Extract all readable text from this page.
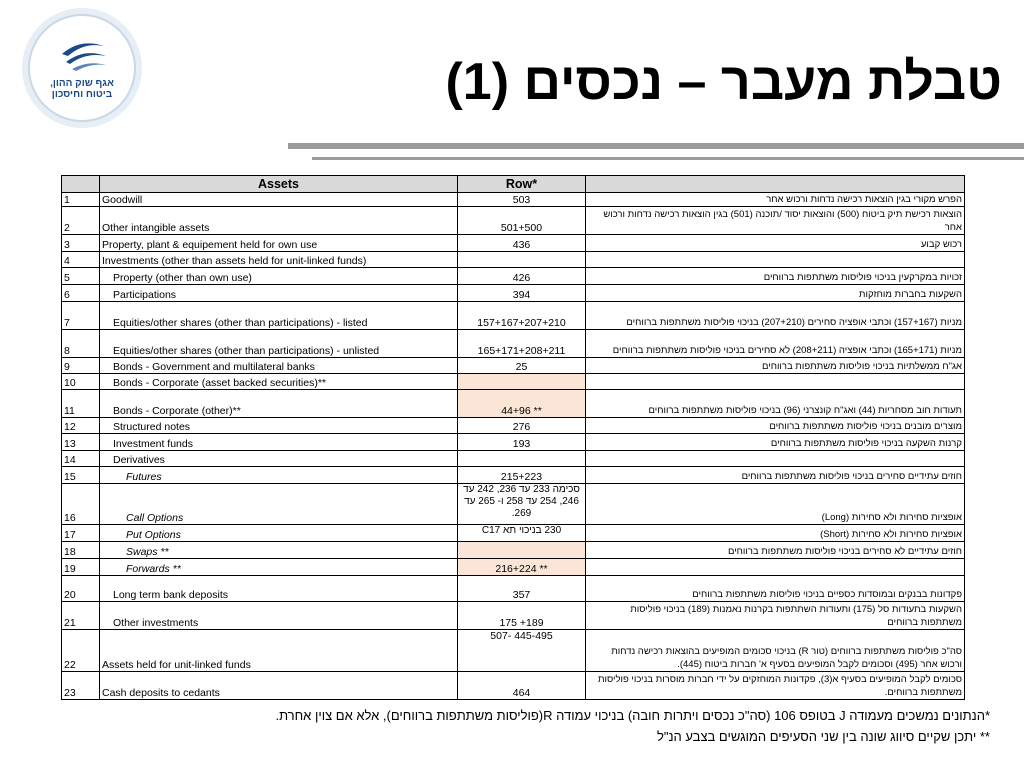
אגף שוק ההון,
ביטוח וחיסכון	טבלת מעבר – נכסים (1)
	Assets	Row*	
1	Goodwill	503	הפרש מקורי בגין הוצאות רכישה נדחות ורכוש אחר
2	Other intangible assets	501+500	הוצאות רכישת תיק ביטוח (500) והוצאות יסוד /תוכנה (501) בגין הוצאות רכישה נדחות ורכוש אחר
3	Property, plant & equipement held for own use	436	רכוש קבוע
4	Investments (other than assets held for unit-linked funds)		
5	Property (other than own use)	426	זכויות במקרקעין בניכוי פוליסות משתתפות ברווחים
6	Participations	394	השקעות בחברות מוחזקות
7	Equities/other shares (other than participations) - listed	157+167+207+210	מניות (157+167) וכתבי אופציה סחירים (207+210) בניכוי פוליסות משתתפות ברווחים
8	Equities/other shares (other than participations) - unlisted	165+171+208+211	מניות (165+171) וכתבי אופציה (208+211) לא סחירים בניכוי פוליסות משתתפות ברווחים
9	Bonds - Government and multilateral banks	25	אג"ח ממשלתיות בניכוי פוליסות משתתפות ברווחים
10	Bonds - Corporate (asset backed securities)**		
11	Bonds - Corporate (other)**	44+96 **	תעודות חוב מסחריות (44) ואג"ח קונצרני (96) בניכוי פוליסות משתתפות ברווחים
12	Structured notes	276	מוצרים מובנים בניכוי פוליסות משתתפות ברווחים
13	Investment funds	193	קרנות השקעה בניכוי פוליסות משתתפות ברווחים
14	Derivatives		
15	Futures	215+223	חוזים עתידיים סחירים בניכוי פוליסות משתתפות ברווחים
16	Call Options	סכימה 233 עד 236, 242 עד 246, 254 עד 258 ו- 265 עד 269.	אופציות סחירות ולא סחירות (Long)
17	Put Options	230 בניכוי תא C17	אופציות סחירות ולא סחירות (Short)
18	Swaps **		חוזים עתידיים לא סחירים בניכוי פוליסות משתתפות ברווחים
19	Forwards **	216+224 **	
20	Long term bank deposits	357	פקדונות בבנקים ובמוסדות כספיים בניכוי פוליסות משתתפות ברווחים
21	Other investments	175 +189	השקעות בתעודות סל (175) ותעודות השתתפות בקרנות נאמנות (189) בניכוי פוליסות משתתפות ברווחים
22	Assets held for unit-linked funds	507- 445-495	סה"כ פוליסות משתתפות ברווחים (טור R) בניכוי סכומים המופיעים בהוצאות רכישה נדחות ורכוש אחר (495) וסכומים לקבל המופיעים בסעיף א' חברות ביטוח (445).
23	Cash deposits to cedants	464	סכומים לקבל המופיעים בסעיף א(3), פקדונות המוחזקים על ידי חברות מוסרות בניכוי פוליסות משתתפות ברווחים.
*הנתונים נמשכים מעמודה J בטופס 106 (סה"כ נכסים ויתרות חובה) בניכוי עמודה R(פוליסות משתתפות ברווחים), אלא אם צוין אחרת.
** יתכן שקיים סיווג שונה בין שני הסעיפים המוגשים בצבע הנ"ל
